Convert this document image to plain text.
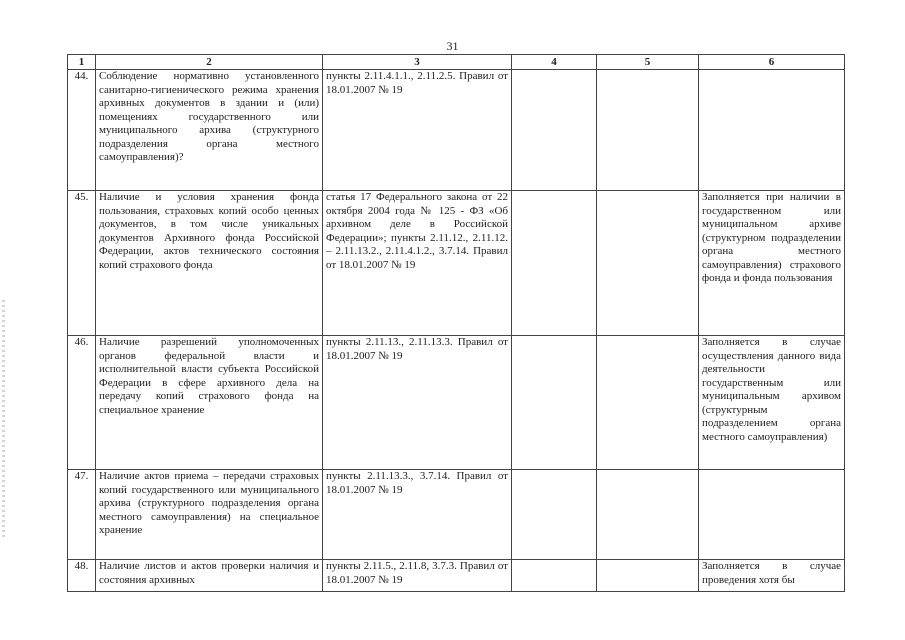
31
1	2	3	4	5	6
44.	Соблюдение нормативно установленного санитарно-гигиенического режима хранения архивных документов в здании и (или) помещениях государственного или муниципального архива (структурного подразделения органа местного самоуправления)?	пункты 2.11.4.1.1., 2.11.2.5. Правил от 18.01.2007 № 19			
45.	Наличие и условия хранения фонда пользования, страховых копий особо ценных документов, в том числе уникальных документов Архивного фонда Российской Федерации, актов технического состояния копий страхового фонда	статья 17 Федерального закона от 22 октября 2004 года № 125 - ФЗ «Об архивном деле в Российской Федерации»; пункты 2.11.12., 2.11.12. – 2.11.13.2., 2.11.4.1.2., 3.7.14. Правил от 18.01.2007 № 19			Заполняется при наличии в государственном или муниципальном архиве (структурном подразделении органа местного самоуправления) страхового фонда и фонда пользования
46.	Наличие разрешений уполномоченных органов федеральной власти и исполнительной власти субъекта Российской Федерации в сфере архивного дела на передачу копий страхового фонда на специальное хранение	пункты 2.11.13., 2.11.13.3. Правил от 18.01.2007 № 19			Заполняется в случае осуществления данного вида деятельности государственным или муниципальным архивом (структурным подразделением органа местного самоуправления)
47.	Наличие актов приема – передачи страховых копий государственного или муниципального архива (структурного подразделения органа местного самоуправления) на специальное хранение	пункты 2.11.13.3., 3.7.14. Правил от 18.01.2007 № 19			
48.	Наличие листов и актов проверки наличия и состояния архивных	пункты 2.11.5., 2.11.8, 3.7.3. Правил от 18.01.2007 № 19			Заполняется в случае проведения хотя бы
